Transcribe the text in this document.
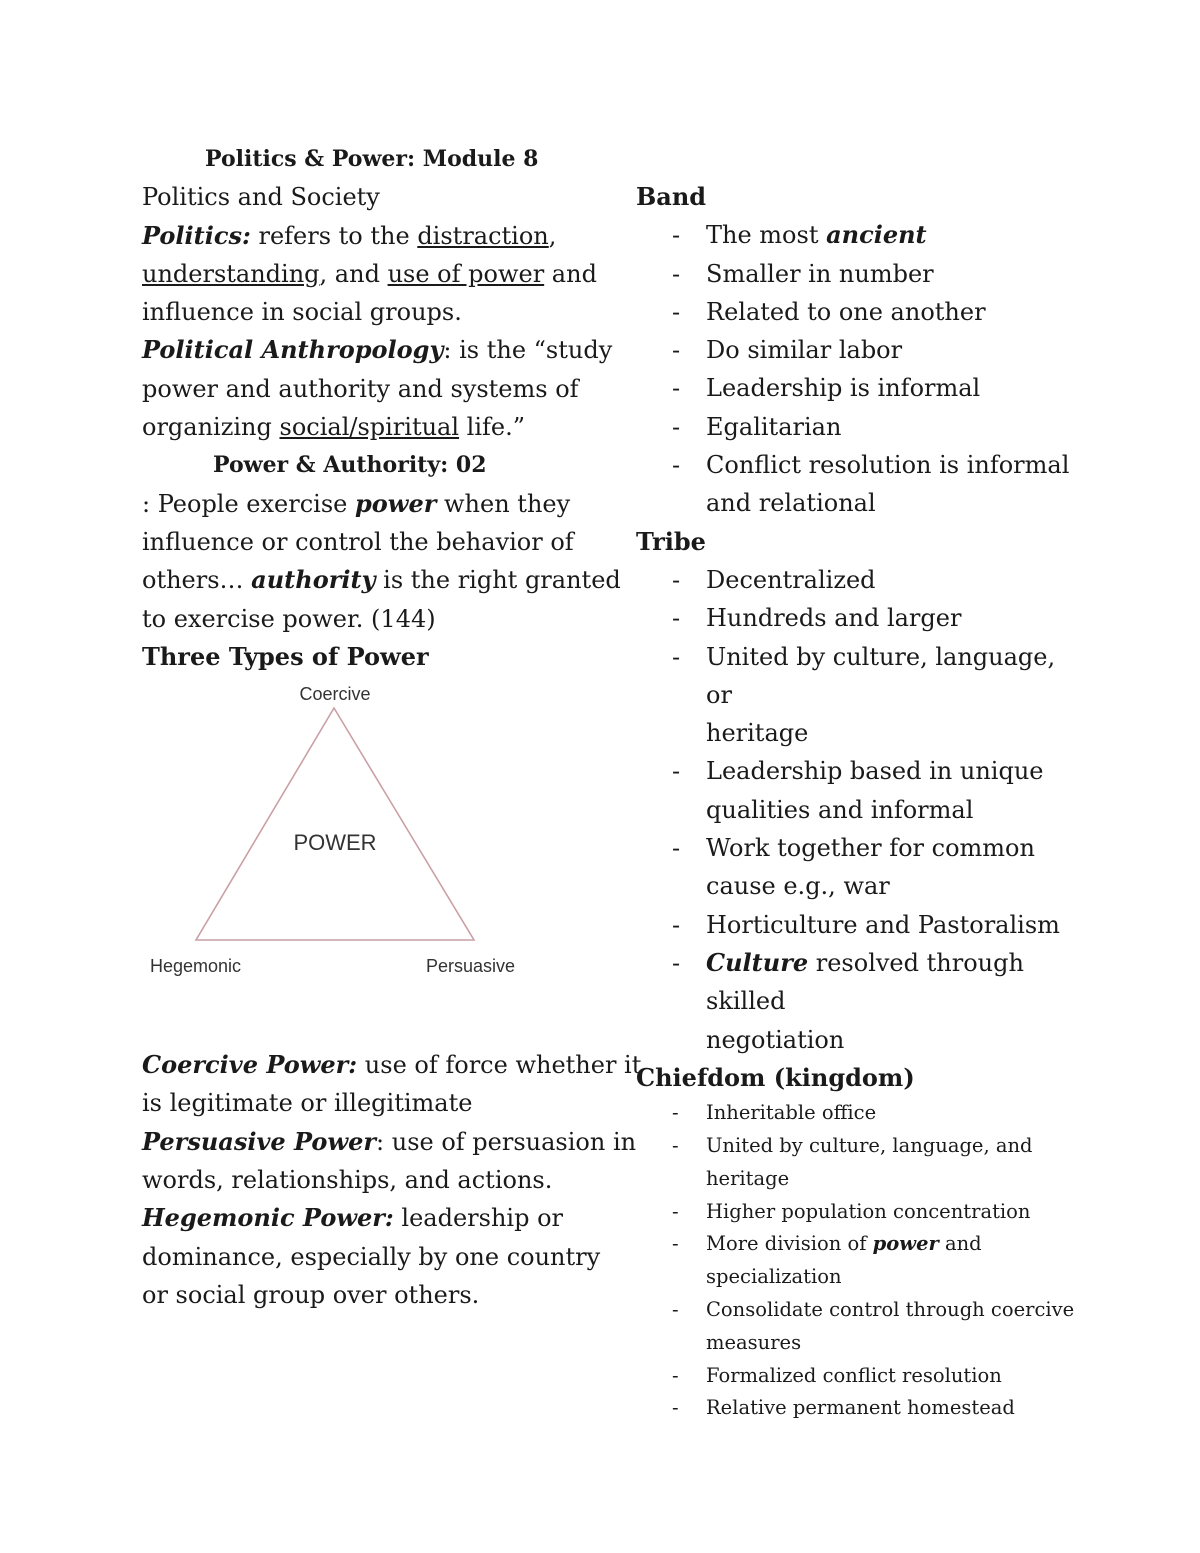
Politics & Power: Module 8
Politics and Society
Politics: refers to the distraction,
understanding, and use of power and
influence in social groups.
Political Anthropology: is the “study
power and authority and systems of
organizing social/spiritual life.”
Power & Authority: 02
: People exercise power when they
influence or control the behavior of
others… authority is the right granted
to exercise power. (144)
Three Types of Power
Coercive
POWER
Hegemonic	Persuasive
Coercive Power: use of force whether it
is legitimate or illegitimate
Persuasive Power: use of persuasion in
words, relationships, and actions.
Hegemonic Power: leadership or
dominance, especially by one country
or social group over others.
Band
- The most ancient
- Smaller in number
- Related to one another
- Do similar labor
- Leadership is informal
- Egalitarian
- Conflict resolution is informal
and relational
Tribe
- Decentralized
- Hundreds and larger
- United by culture, language, or
heritage
- Leadership based in unique
qualities and informal
- Work together for common
cause e.g., war
- Horticulture and Pastoralism
- Culture resolved through skilled
negotiation
Chiefdom (kingdom)
- Inheritable office
- United by culture, language, and
heritage
- Higher population concentration
- More division of power and
specialization
- Consolidate control through coercive
measures
- Formalized conflict resolution
- Relative permanent homestead
